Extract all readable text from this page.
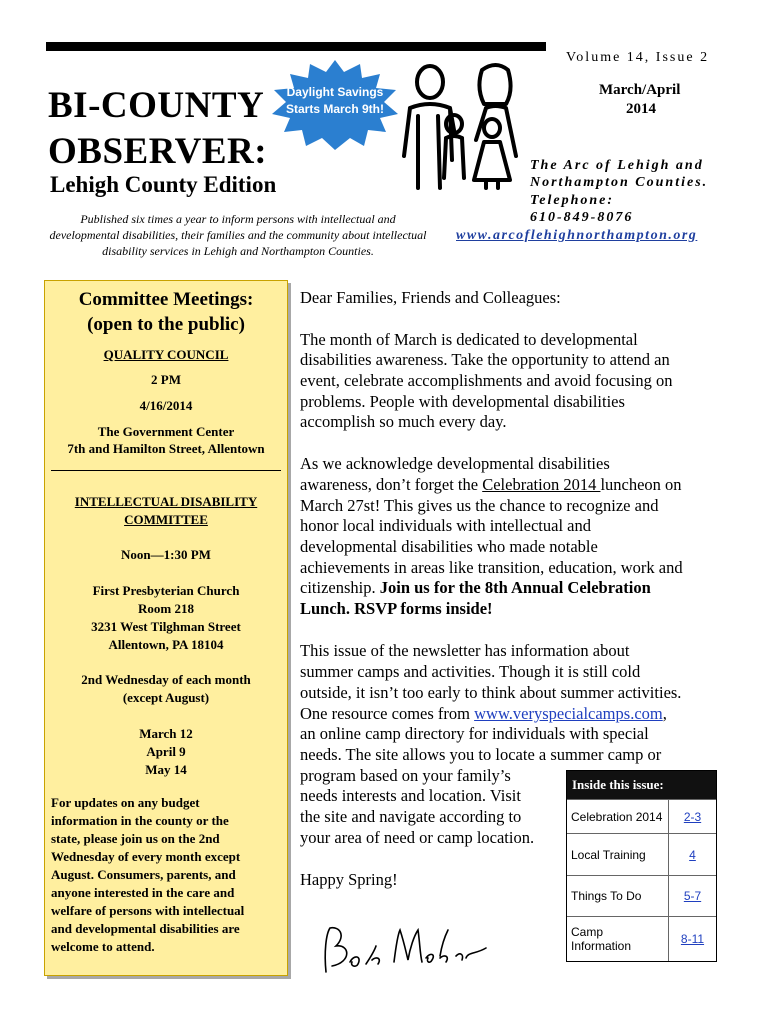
Volume 14, Issue 2
BI-COUNTY
OBSERVER:
Lehigh County Edition
Daylight Savings
Starts March 9th!
March/April
2014
The Arc of Lehigh and
Northampton Counties.
Telephone:
610-849-8076
www.arcoflehighnorthampton.org
Published six times a year to inform persons with intellectual and
developmental disabilities, their families and the community about intellectual
disability services in Lehigh and Northampton Counties.
Committee Meetings:
(open to the public)
QUALITY COUNCIL
2 PM
4/16/2014
The Government Center
7th and Hamilton Street, Allentown
INTELLECTUAL DISABILITY
COMMITTEE
Noon—1:30 PM
First Presbyterian Church
Room 218
3231 West Tilghman Street
Allentown, PA 18104
2nd Wednesday of each month
(except August)
March 12
April 9
May 14
For updates on any budget
information in the county or the
state, please join us on the 2nd
Wednesday of every month except
August. Consumers, parents, and
anyone interested in the care and
welfare of persons with intellectual
and developmental disabilities are
welcome to attend.
Dear Families, Friends and Colleagues:
The month of March is dedicated to developmental
disabilities awareness. Take the opportunity to attend an
event, celebrate accomplishments and avoid focusing on
problems. People with developmental disabilities
accomplish so much every day.
As we acknowledge developmental disabilities
awareness, don’t forget the Celebration 2014 luncheon on
March 27st! This gives us the chance to recognize and
honor local individuals with intellectual and
developmental disabilities who made notable
achievements in areas like transition, education, work and
citizenship. Join us for the 8th Annual Celebration
Lunch. RSVP forms inside!
This issue of the newsletter has information about
summer camps and activities. Though it is still cold
outside, it isn’t too early to think about summer activities.
One resource comes from www.veryspecialcamps.com,
an online camp directory for individuals with special
needs. The site allows you to locate a summer camp or
program based on your family’s
needs interests and location. Visit
the site and navigate according to
your area of need or camp location.
Happy Spring!
Inside this issue:
Celebration 2014	2-3
Local Training	4
Things To Do	5-7
Camp
Information	8-11
